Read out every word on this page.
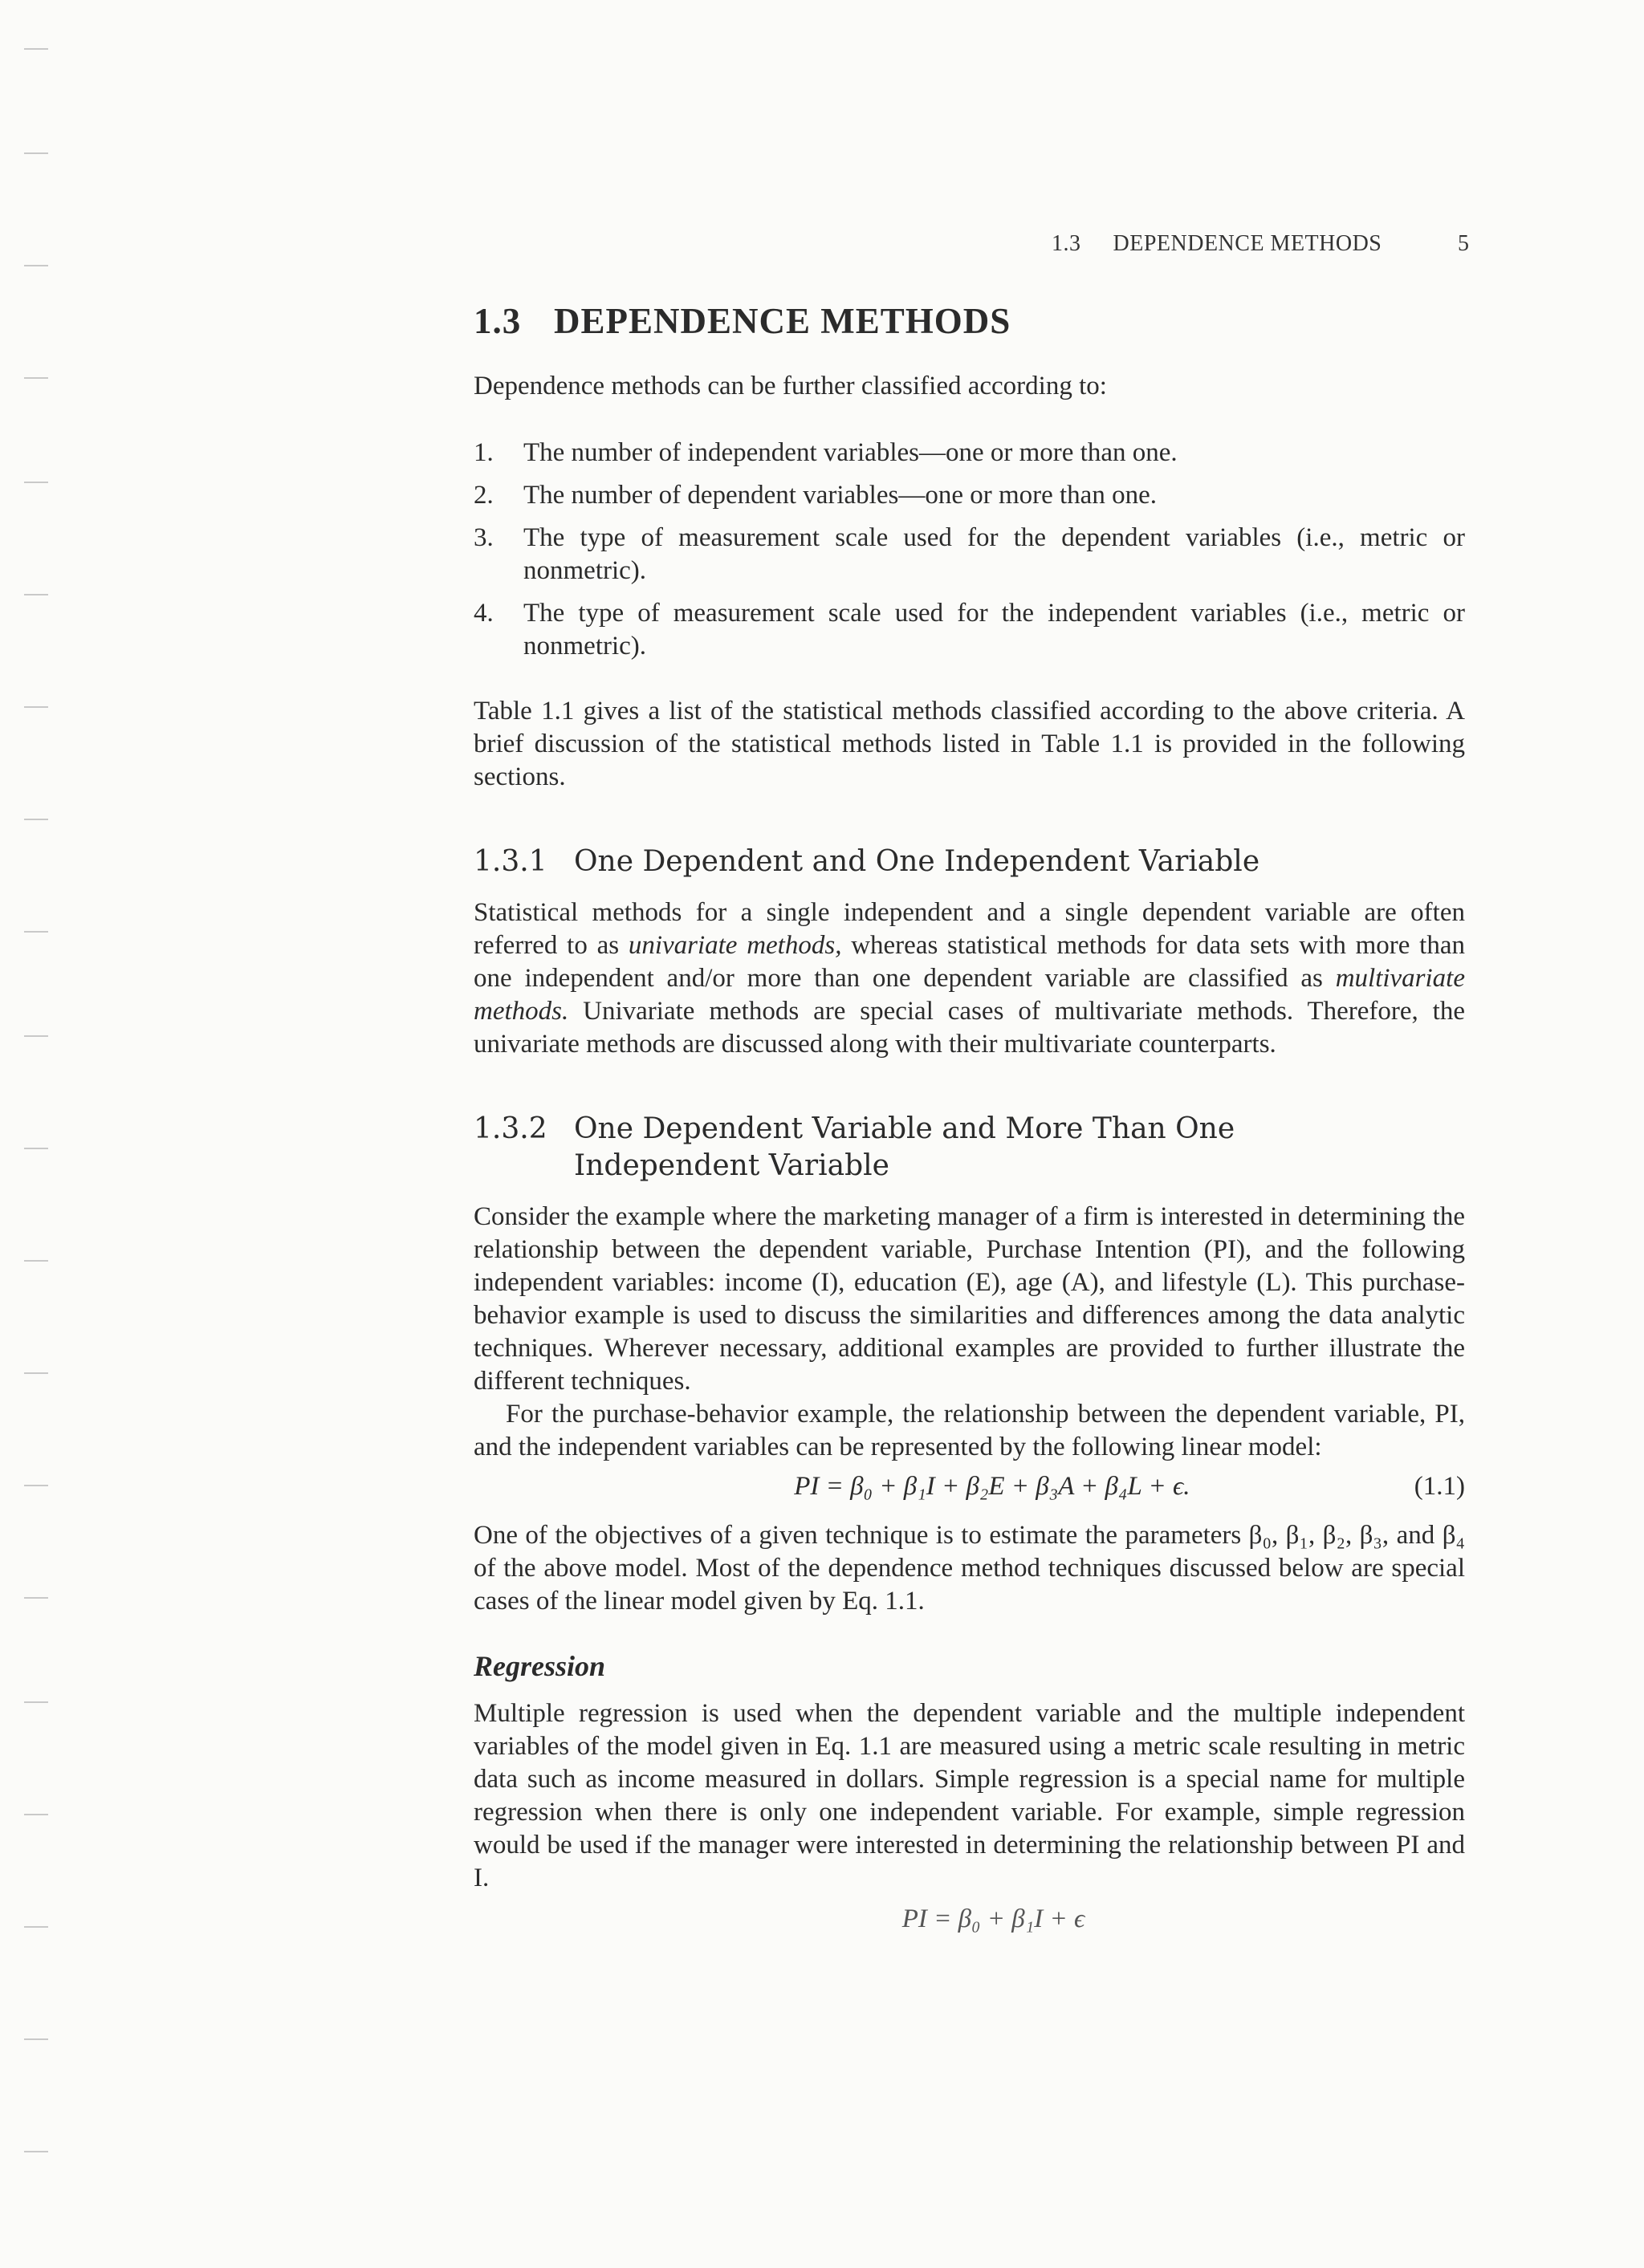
1.3 DEPENDENCE METHODS	5
1.3 DEPENDENCE METHODS

Dependence methods can be further classified according to:

1.	The number of independent variables—one or more than one.
2.	The number of dependent variables—one or more than one.
3.	The type of measurement scale used for the dependent variables (i.e., metric or nonmetric).
4.	The type of measurement scale used for the independent variables (i.e., metric or nonmetric).

Table 1.1 gives a list of the statistical methods classified according to the above criteria. A brief discussion of the statistical methods listed in Table 1.1 is provided in the following sections.

1.3.1 One Dependent and One Independent Variable

Statistical methods for a single independent and a single dependent variable are often referred to as univariate methods, whereas statistical methods for data sets with more than one independent and/or more than one dependent variable are classified as multivariate methods. Univariate methods are special cases of multivariate methods. Therefore, the univariate methods are discussed along with their multivariate counterparts.

1.3.2 One Dependent Variable and More Than One Independent Variable

Consider the example where the marketing manager of a firm is interested in determining the relationship between the dependent variable, Purchase Intention (PI), and the following independent variables: income (I), education (E), age (A), and lifestyle (L). This purchase-behavior example is used to discuss the similarities and differences among the data analytic techniques. Wherever necessary, additional examples are provided to further illustrate the different techniques.

For the purchase-behavior example, the relationship between the dependent variable, PI, and the independent variables can be represented by the following linear model:

PI = β₀ + β₁I + β₂E + β₃A + β₄L + ϵ.	(1.1)

One of the objectives of a given technique is to estimate the parameters β₀, β₁, β₂, β₃, and β₄ of the above model. Most of the dependence method techniques discussed below are special cases of the linear model given by Eq. 1.1.

Regression

Multiple regression is used when the dependent variable and the multiple independent variables of the model given in Eq. 1.1 are measured using a metric scale resulting in metric data such as income measured in dollars. Simple regression is a special name for multiple regression when there is only one independent variable. For example, simple regression would be used if the manager were interested in determining the relationship between PI and I.

PI = β₀ + β₁I + ϵ
